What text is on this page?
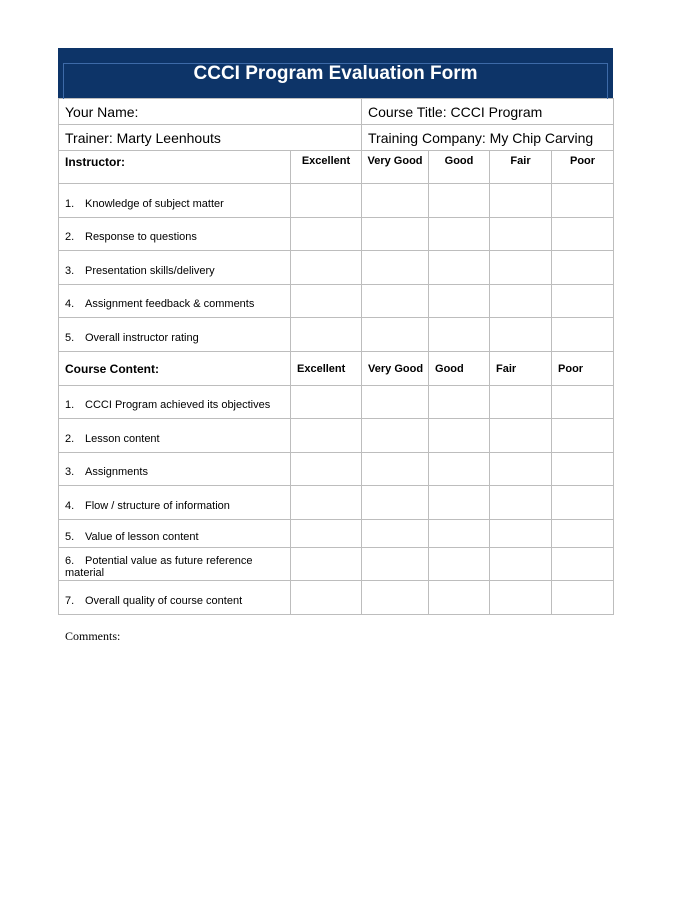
CCCI Program Evaluation Form
Your Name:		Course Title: CCCI Program			
Trainer: Marty Leenhouts		Training Company: My Chip Carving			
Instructor:	Excellent	Very Good	Good	Fair	Poor
1. Knowledge of subject matter					
2. Response to questions					
3. Presentation skills/delivery					
4. Assignment feedback & comments					
5. Overall instructor rating					
Course Content:	Excellent	Very Good	Good	Fair	Poor
1. CCCI Program achieved its objectives					
2. Lesson content					
3. Assignments					
4. Flow / structure of information					
5. Value of lesson content					
6. Potential value as future reference material					
7. Overall quality of course content					
Comments:
